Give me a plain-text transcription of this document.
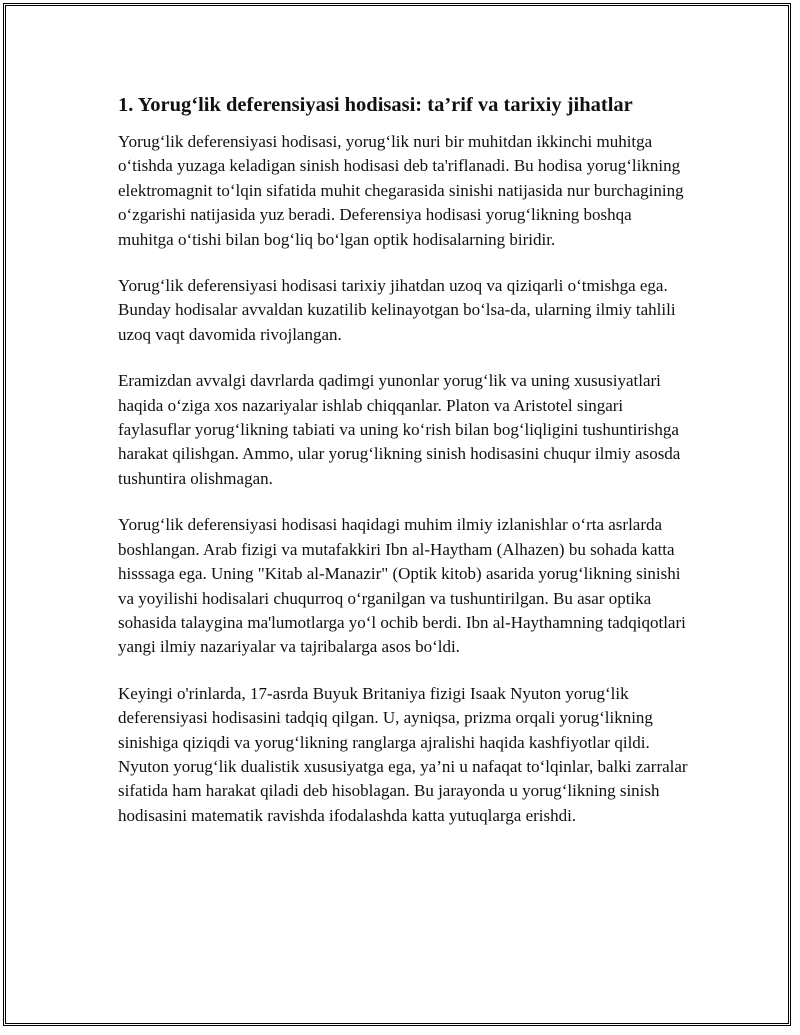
1. Yorug‘lik deferensiyasi hodisasi: ta’rif va tarixiy jihatlar

Yorug‘lik deferensiyasi hodisasi, yorug‘lik nuri bir muhitdan ikkinchi muhitga o‘tishda yuzaga keladigan sinish hodisasi deb ta'riflanadi. Bu hodisa yorug‘likning elektromagnit to‘lqin sifatida muhit chegarasida sinishi natijasida nur burchagining o‘zgarishi natijasida yuz beradi. Deferensiya hodisasi yorug‘likning boshqa muhitga o‘tishi bilan bog‘liq bo‘lgan optik hodisalarning biridir.

Yorug‘lik deferensiyasi hodisasi tarixiy jihatdan uzoq va qiziqarli o‘tmishga ega. Bunday hodisalar avvaldan kuzatilib kelinayotgan bo‘lsa-da, ularning ilmiy tahlili uzoq vaqt davomida rivojlangan.

Eramizdan avvalgi davrlarda qadimgi yunonlar yorug‘lik va uning xususiyatlari haqida o‘ziga xos nazariyalar ishlab chiqqanlar. Platon va Aristotel singari faylasuflar yorug‘likning tabiati va uning ko‘rish bilan bog‘liqligini tushuntirishga harakat qilishgan. Ammo, ular yorug‘likning sinish hodisasini chuqur ilmiy asosda tushuntira olishmagan.

Yorug‘lik deferensiyasi hodisasi haqidagi muhim ilmiy izlanishlar o‘rta asrlarda boshlangan. Arab fizigi va mutafakkiri Ibn al-Haytham (Alhazen) bu sohada katta hisssaga ega. Uning "Kitab al-Manazir" (Optik kitob) asarida yorug‘likning sinishi va yoyilishi hodisalari chuqurroq o‘rganilgan va tushuntirilgan. Bu asar optika sohasida talaygina ma'lumotlarga yo‘l ochib berdi. Ibn al-Haythamning tadqiqotlari yangi ilmiy nazariyalar va tajribalarga asos bo‘ldi.

Keyingi o'rinlarda, 17-asrda Buyuk Britaniya fizigi Isaak Nyuton yorug‘lik deferensiyasi hodisasini tadqiq qilgan. U, ayniqsa, prizma orqali yorug‘likning sinishiga qiziqdi va yorug‘likning ranglarga ajralishi haqida kashfiyotlar qildi. Nyuton yorug‘lik dualistik xususiyatga ega, ya’ni u nafaqat to‘lqinlar, balki zarralar sifatida ham harakat qiladi deb hisoblagan. Bu jarayonda u yorug‘likning sinish hodisasini matematik ravishda ifodalashda katta yutuqlarga erishdi.
